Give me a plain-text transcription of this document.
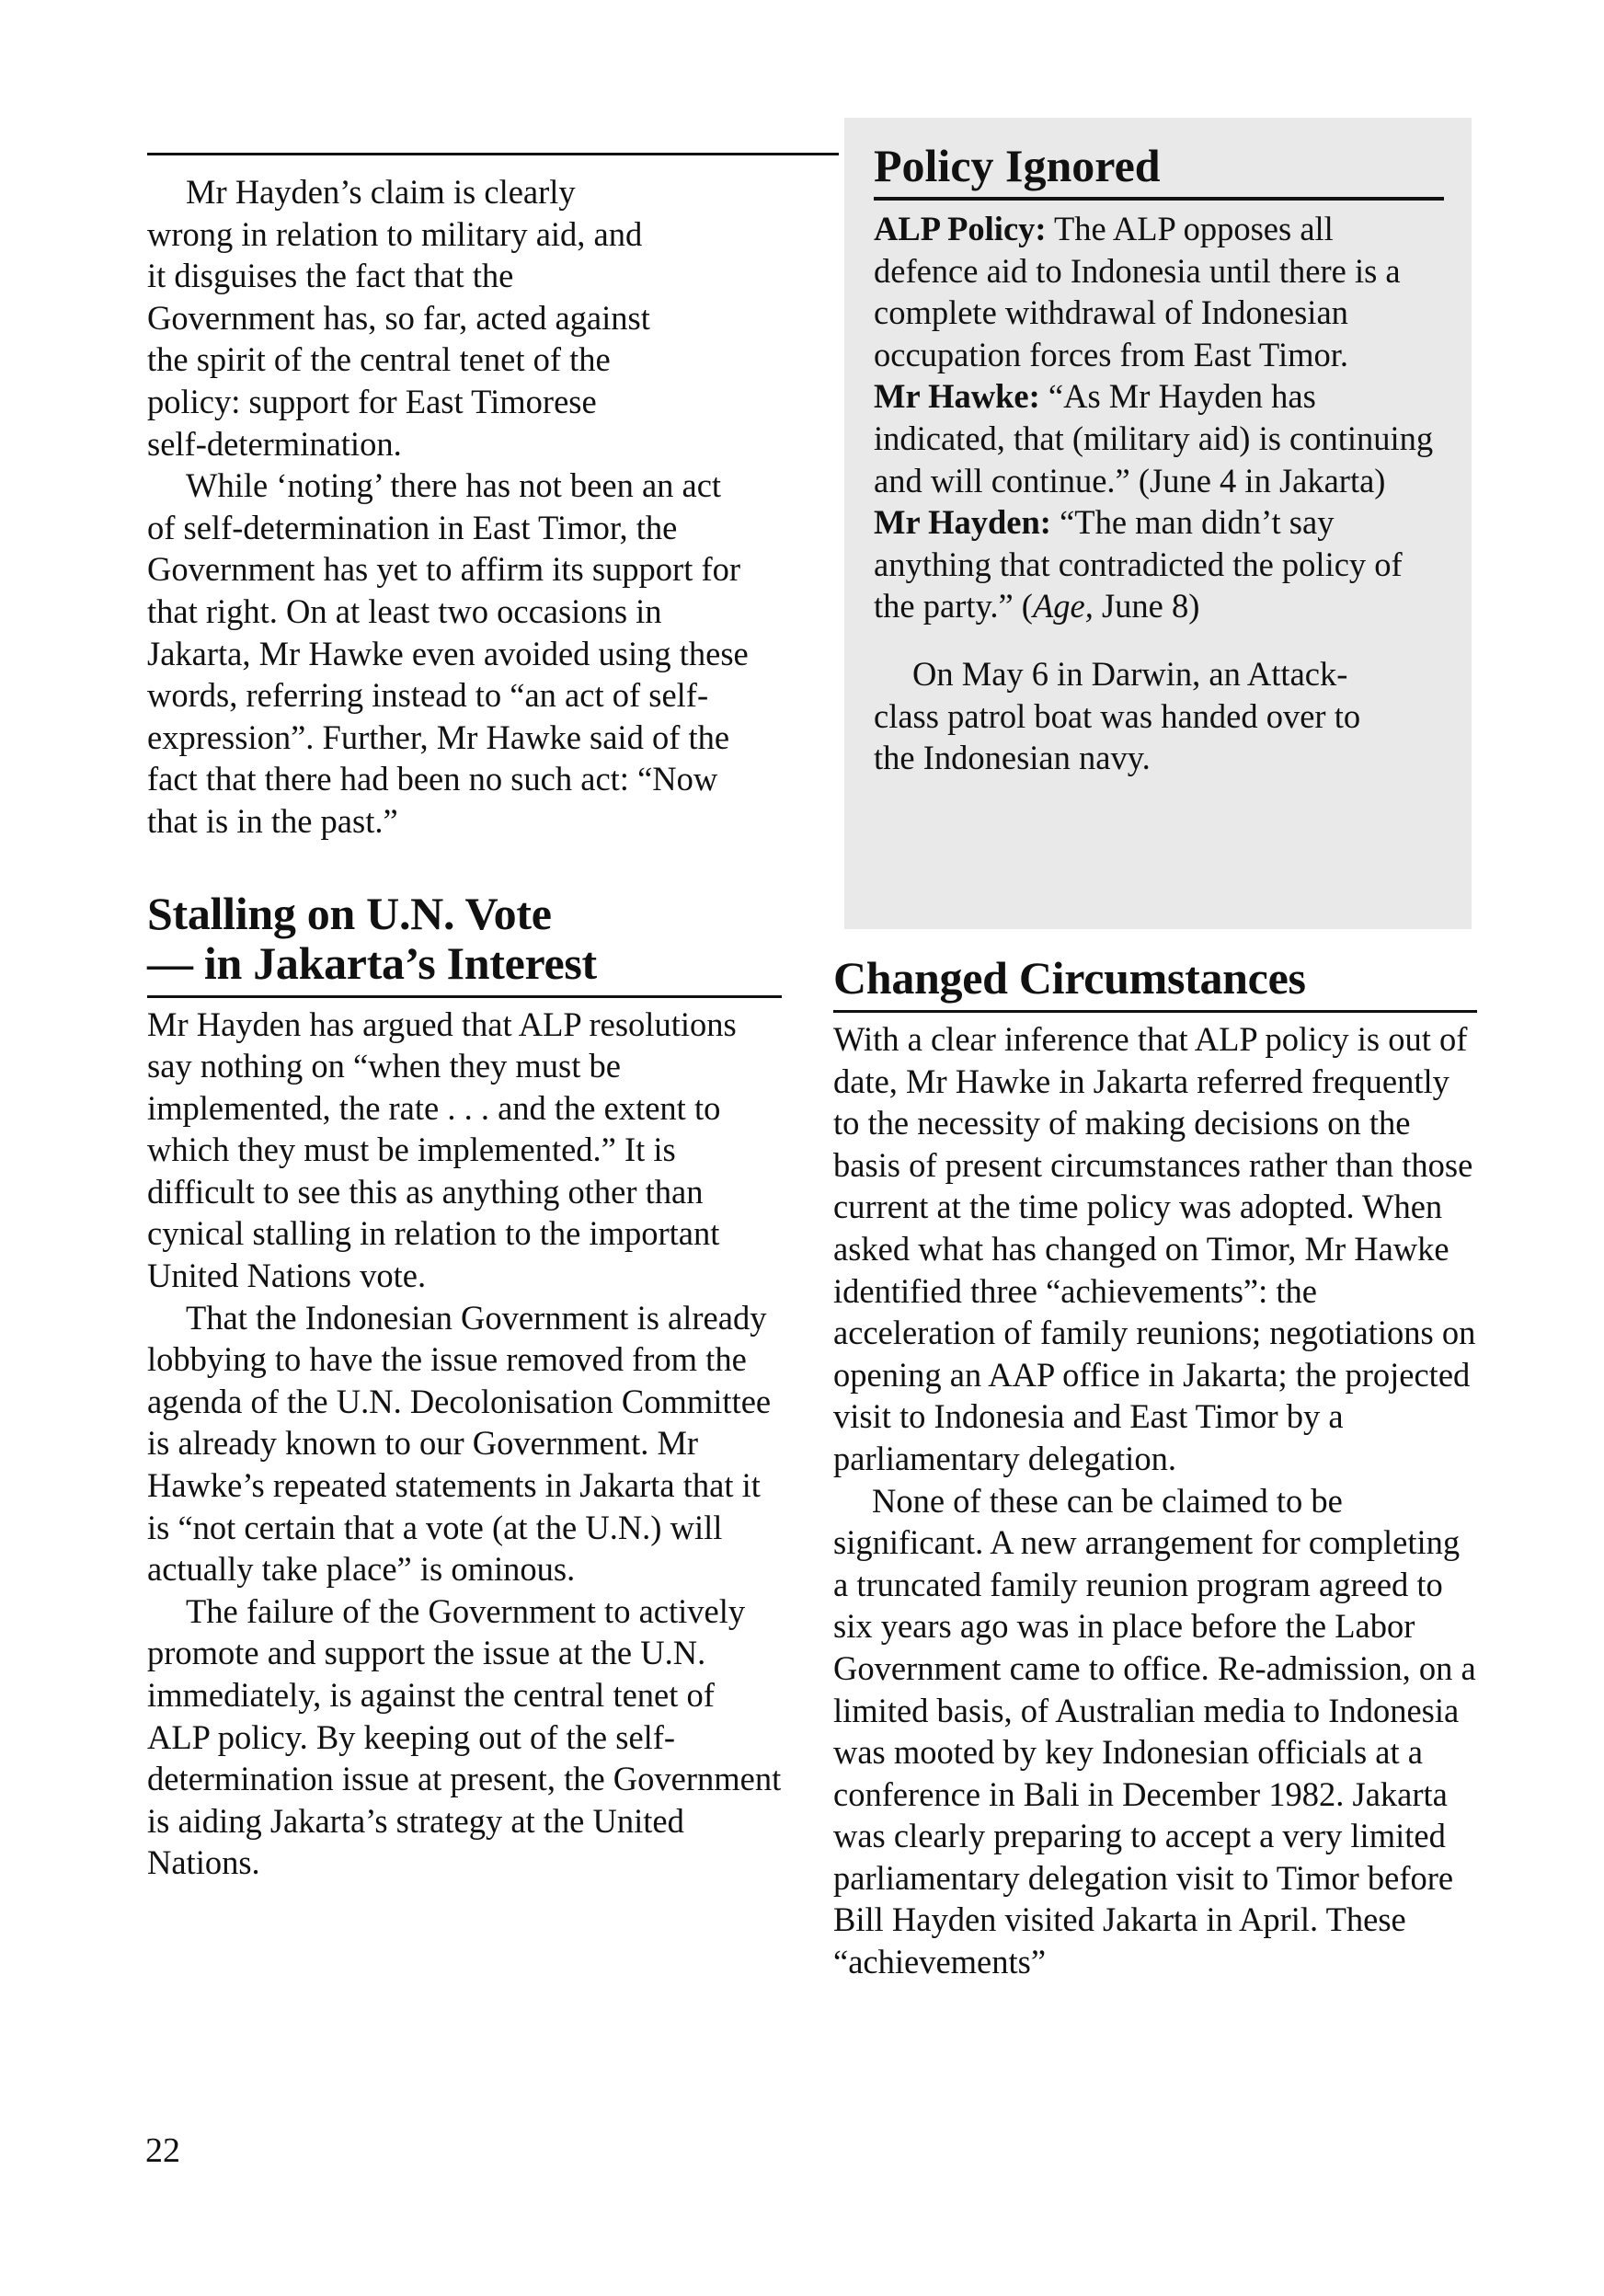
Mr Hayden’s claim is clearly wrong in relation to military aid, and it disguises the fact that the Government has, so far, acted against the spirit of the central tenet of the policy: support for East Timorese self-determination.

While ‘noting’ there has not been an act of self-determination in East Timor, the Government has yet to affirm its support for that right. On at least two occasions in Jakarta, Mr Hawke even avoided using these words, referring instead to “an act of self-expression”. Further, Mr Hawke said of the fact that there had been no such act: “Now that is in the past.”

Stalling on U.N. Vote
— in Jakarta’s Interest

Mr Hayden has argued that ALP resolutions say nothing on “when they must be implemented, the rate . . . and the extent to which they must be implemented.” It is difficult to see this as anything other than cynical stalling in relation to the important United Nations vote.

That the Indonesian Government is already lobbying to have the issue removed from the agenda of the U.N. Decolonisation Committee is already known to our Government. Mr Hawke’s repeated statements in Jakarta that it is “not certain that a vote (at the U.N.) will actually take place” is ominous.

The failure of the Government to actively promote and support the issue at the U.N. immediately, is against the central tenet of ALP policy. By keeping out of the self-determination issue at present, the Government is aiding Jakarta’s strategy at the United Nations.

Policy Ignored

ALP Policy: The ALP opposes all defence aid to Indonesia until there is a complete withdrawal of Indonesian occupation forces from East Timor.

Mr Hawke: “As Mr Hayden has indicated, that (military aid) is continuing and will continue.” (June 4 in Jakarta)

Mr Hayden: “The man didn’t say anything that contradicted the policy of the party.” (Age, June 8)

On May 6 in Darwin, an Attack-class patrol boat was handed over to the Indonesian navy.

Changed Circumstances

With a clear inference that ALP policy is out of date, Mr Hawke in Jakarta referred frequently to the necessity of making decisions on the basis of present circumstances rather than those current at the time policy was adopted. When asked what has changed on Timor, Mr Hawke identified three “achievements”: the acceleration of family reunions; negotiations on opening an AAP office in Jakarta; the projected visit to Indonesia and East Timor by a parliamentary delegation.

None of these can be claimed to be significant. A new arrangement for completing a truncated family reunion program agreed to six years ago was in place before the Labor Government came to office. Re-admission, on a limited basis, of Australian media to Indonesia was mooted by key Indonesian officials at a conference in Bali in December 1982. Jakarta was clearly preparing to accept a very limited parliamentary delegation visit to Timor before Bill Hayden visited Jakarta in April. These “achievements”

22
